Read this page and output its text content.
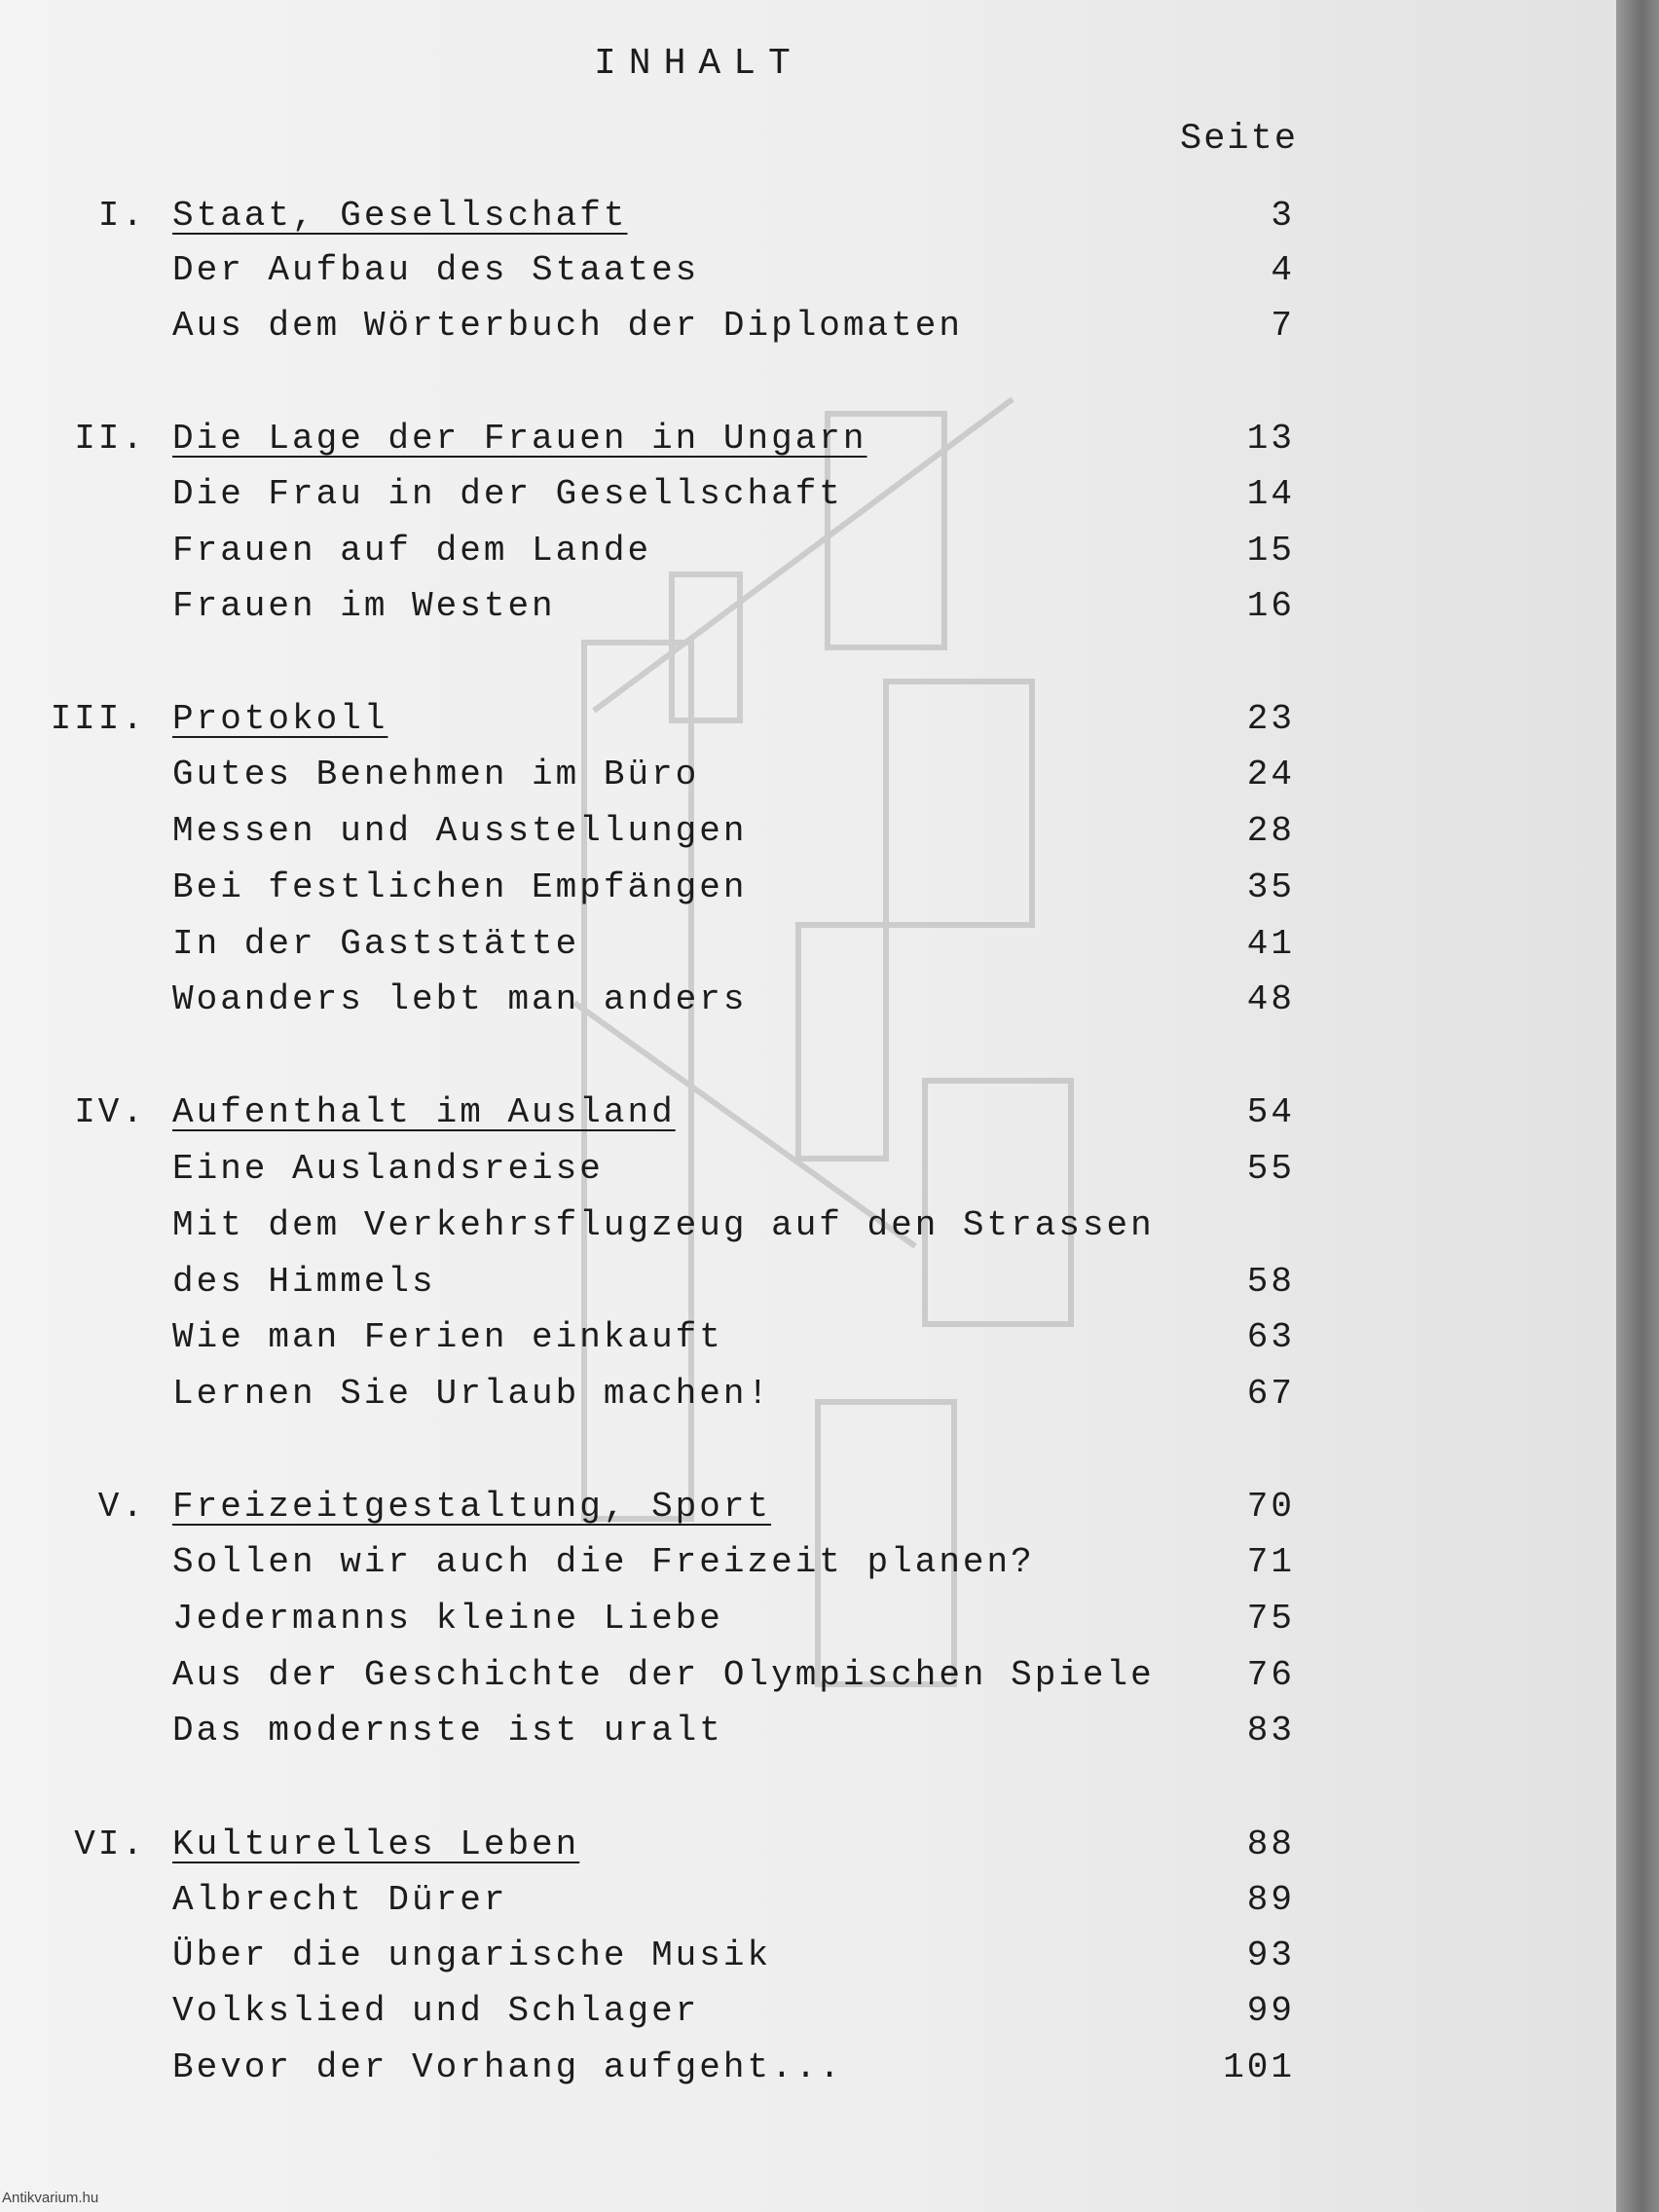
INHALT
Seite
I. Staat, Gesellschaft	3
Der Aufbau des Staates	4
Aus dem Wörterbuch der Diplomaten	7
II. Die Lage der Frauen in Ungarn	13
Die Frau in der Gesellschaft	14
Frauen auf dem Lande	15
Frauen im Westen	16
III. Protokoll	23
Gutes Benehmen im Büro	24
Messen und Ausstellungen	28
Bei festlichen Empfängen	35
In der Gaststätte	41
Woanders lebt man anders	48
IV. Aufenthalt im Ausland	54
Eine Auslandsreise	55
Mit dem Verkehrsflugzeug auf den Strassen
des Himmels	58
Wie man Ferien einkauft	63
Lernen Sie Urlaub machen!	67
V. Freizeitgestaltung, Sport	70
Sollen wir auch die Freizeit planen?	71
Jedermanns kleine Liebe	75
Aus der Geschichte der Olympischen Spiele	76
Das modernste ist uralt	83
VI. Kulturelles Leben	88
Albrecht Dürer	89
Über die ungarische Musik	93
Volkslied und Schlager	99
Bevor der Vorhang aufgeht...	101
Antikvarium.hu
